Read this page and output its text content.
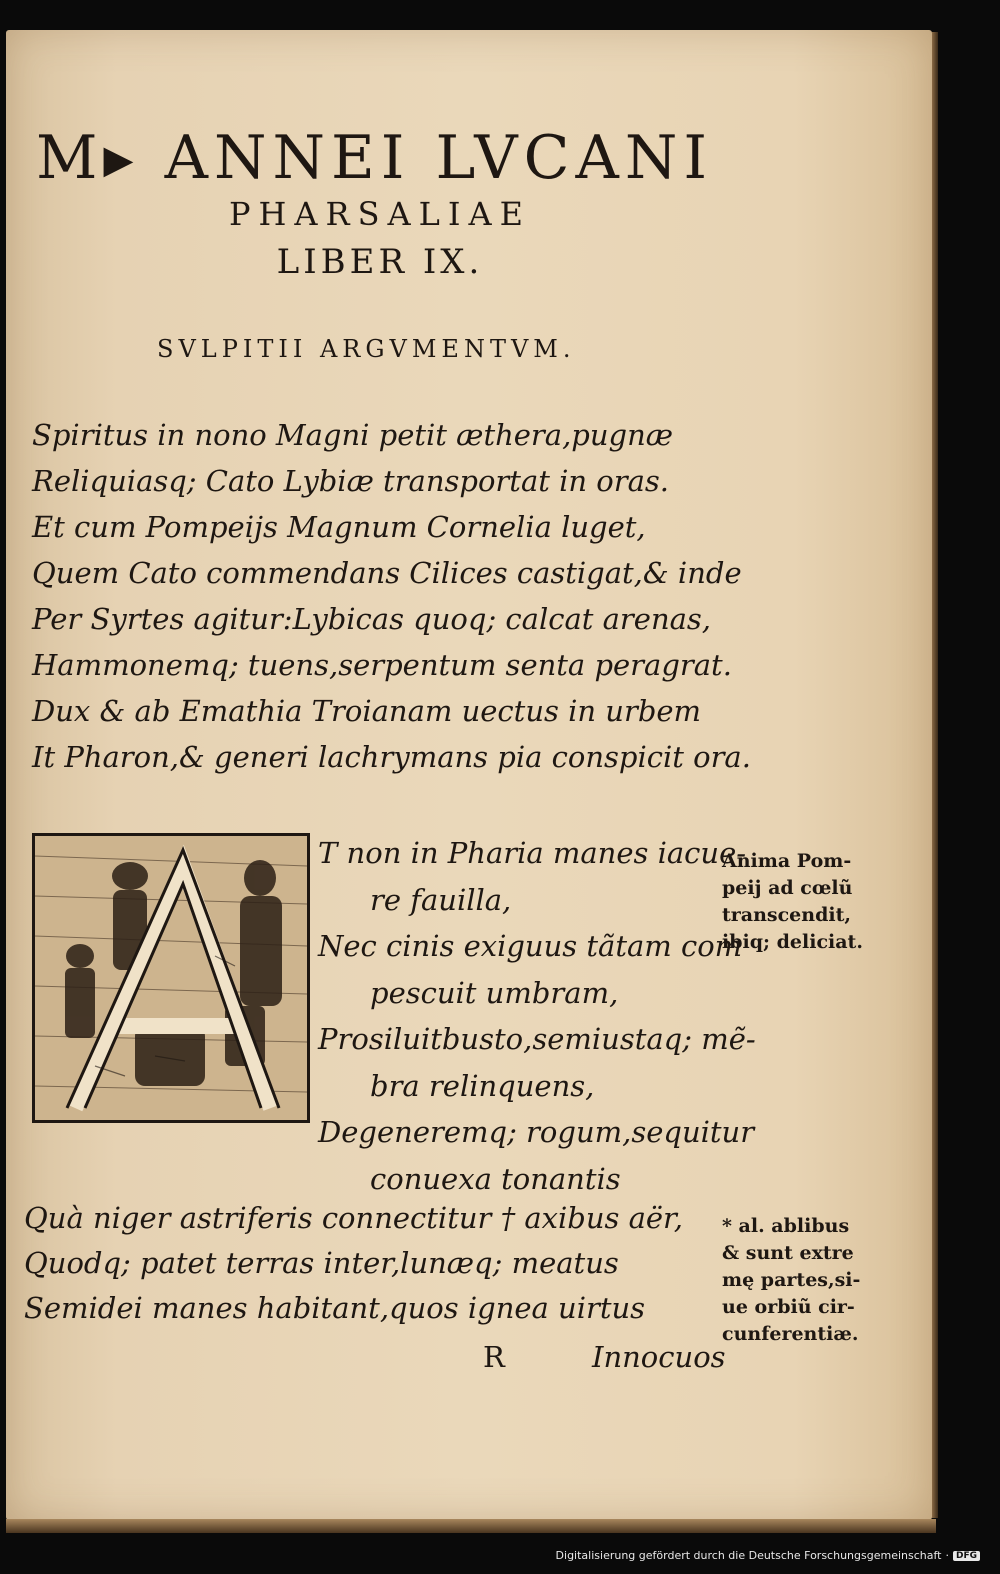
M▸ ANNEI LVCANI
PHARSALIAE
LIBER IX.
SVLPITII ARGVMENTVM.
Spiritus in nono Magni petit æthera,pugnæ
Reliquiasq; Cato Lybiæ transportat in oras.
Et cum Pompeijs Magnum Cornelia luget,
Quem Cato commendans Cilices castigat,& inde
Per Syrtes agitur:Lybicas quoq; calcat arenas,
Hammonemq; tuens,serpentum senta peragrat.
Dux & ab Emathia Troianam uectus in urbem
It Pharon,& generi lachrymans pia conspicit ora.
T non in Pharia manes iacue-
re fauilla,
Nec cinis exiguus tãtam com
pescuit umbram,
Prosiluitbusto,semiustaq; mẽ-
bra relinquens,
Degeneremq; rogum,sequitur
conuexa tonantis
Quà niger astriferis connectitur † axibus aër,
Quodq; patet terras inter,lunæq; meatus
Semidei manes habitant,quos ignea uirtus
R	Innocuos
Anima Pom-
peij ad cœlũ
transcendit,
ibiq; deliciat.
* al. ablibus
& sunt extre
mę partes,si-
ue orbiũ cir-
cunferentiæ.
Digitalisierung gefördert durch die Deutsche Forschungsgemeinschaft · DFG
